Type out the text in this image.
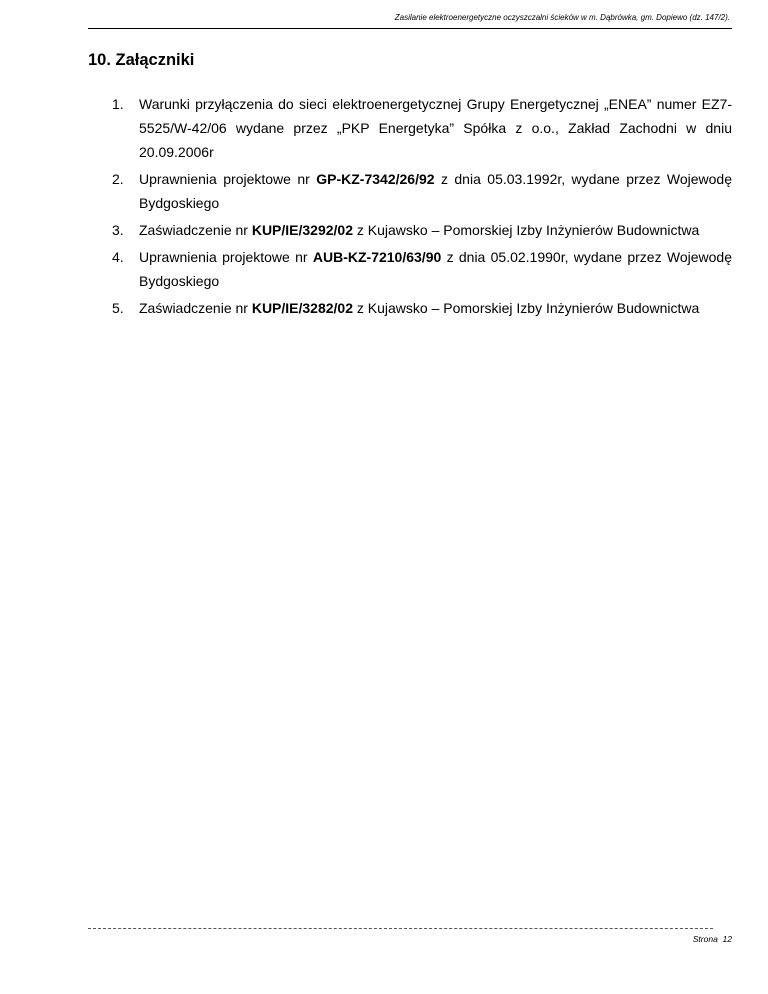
Zasilanie elektroenergetyczne oczyszczalni ścieków w m. Dąbrówka, gm. Dopiewo (dz. 147/2).
10. Załączniki
1. Warunki przyłączenia do sieci elektroenergetycznej Grupy Energetycznej „ENEA” numer EZ7-5525/W-42/06 wydane przez „PKP Energetyka” Spółka z o.o., Zakład Zachodni w dniu 20.09.2006r
2. Uprawnienia projektowe nr GP-KZ-7342/26/92 z dnia 05.03.1992r, wydane przez Wojewodę Bydgoskiego
3. Zaświadczenie nr KUP/IE/3292/02 z Kujawsko – Pomorskiej Izby Inżynierów Budownictwa
4. Uprawnienia projektowe nr AUB-KZ-7210/63/90 z dnia 05.02.1990r, wydane przez Wojewodę Bydgoskiego
5. Zaświadczenie nr KUP/IE/3282/02 z Kujawsko – Pomorskiej Izby Inżynierów Budownictwa
Strona 12
